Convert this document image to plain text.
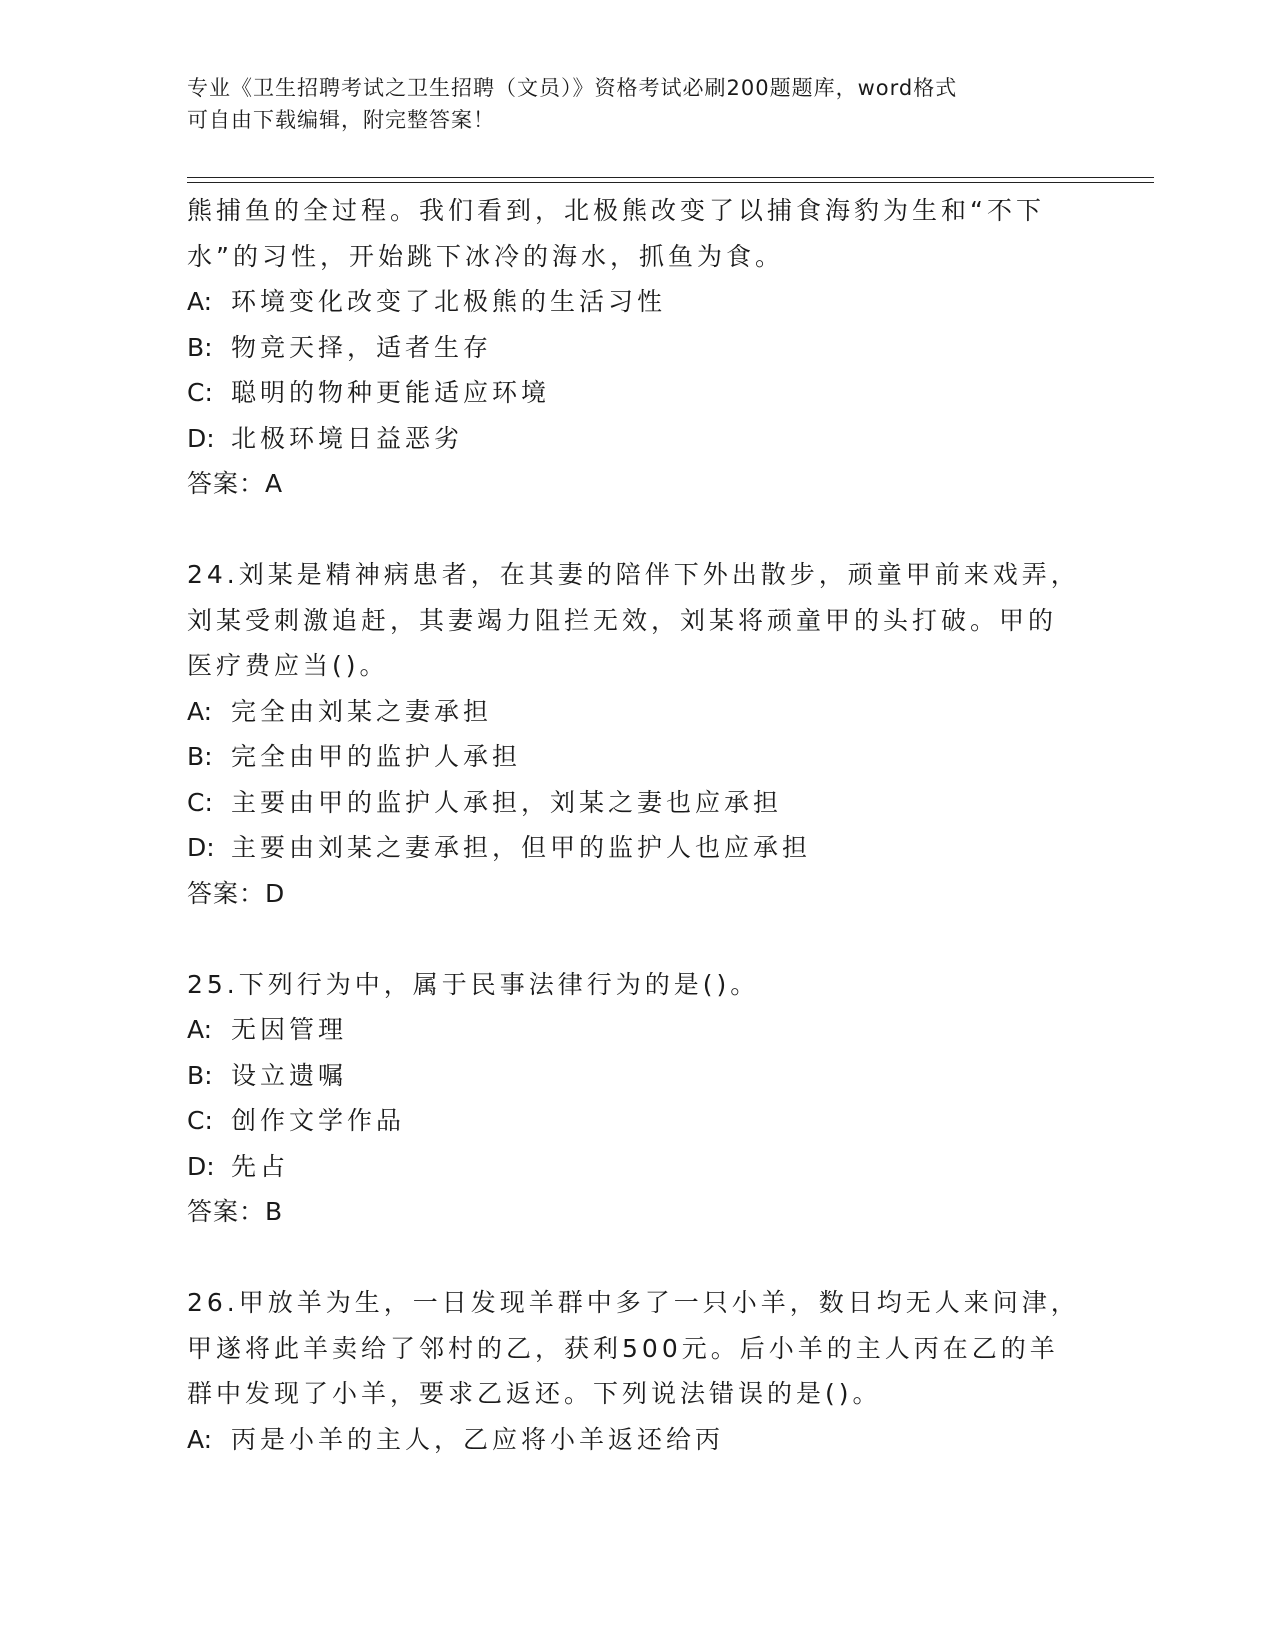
专业《卫生招聘考试之卫生招聘（文员）》资格考试必刷200题题库，word格式
可自由下载编辑，附完整答案！
熊捕鱼的全过程。我们看到，北极熊改变了以捕食海豹为生和“不下
水”的习性，开始跳下冰冷的海水，抓鱼为食。
A: 环境变化改变了北极熊的生活习性
B: 物竞天择，适者生存
C: 聪明的物种更能适应环境
D: 北极环境日益恶劣
答案：A
24.刘某是精神病患者，在其妻的陪伴下外出散步，顽童甲前来戏弄，
刘某受刺激追赶，其妻竭力阻拦无效，刘某将顽童甲的头打破。甲的
医疗费应当()。
A: 完全由刘某之妻承担
B: 完全由甲的监护人承担
C: 主要由甲的监护人承担，刘某之妻也应承担
D: 主要由刘某之妻承担，但甲的监护人也应承担
答案：D
25.下列行为中，属于民事法律行为的是()。
A: 无因管理
B: 设立遗嘱
C: 创作文学作品
D: 先占
答案：B
26.甲放羊为生，一日发现羊群中多了一只小羊，数日均无人来问津，
甲遂将此羊卖给了邻村的乙，获利500元。后小羊的主人丙在乙的羊
群中发现了小羊，要求乙返还。下列说法错误的是()。
A: 丙是小羊的主人，乙应将小羊返还给丙
